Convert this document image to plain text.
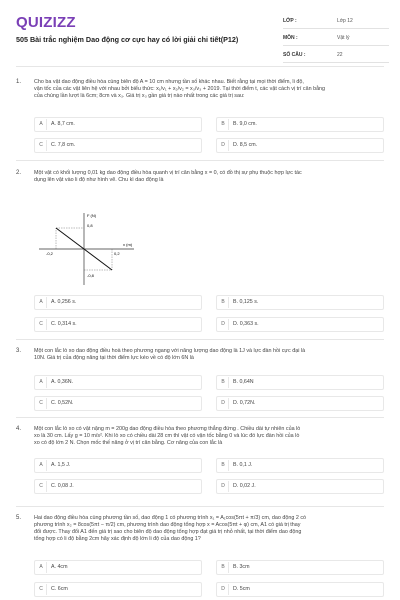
QUIZIZZ
505 Bài trắc nghiệm Dao động cơ cực hay có lời giải chi tiết(P12)
LỚP :	Lớp 12
MÔN :	Vật lý
SỐ CÂU :	22
1. Cho ba vật dao động điều hòa cùng biên độ A = 10 cm nhưng tần số khác nhau. Biết rằng tại mọi thời điểm, li độ,

vận tốc của các vật liên hệ với nhau bởi biểu thức: x₁/v₁ + x₂/v₂ = x₃/v₃ + 2019. Tại thời điểm t, các vật cách vị trí cân bằng

của chúng lần lượt là 6cm; 8cm và x₃. Giá trị x₃ gần giá trị nào nhất trong các giá trị sau:

A	A. 8,7 cm.	B	B. 9,0 cm.
C	C. 7,8 cm.	D	D. 8,5 cm.
2. Một vật có khối lượng 0,01 kg dao động điều hòa quanh vị trí cân bằng x = 0, có đồ thị sự phụ thuộc hợp lực tác

dụng lên vật vào li độ như hình vẽ. Chu kì dao động là

F (N)
x (m)
-0,2	0,2
0,8
-0,8
A	A. 0,256 s.	B	B. 0,125 s.
C	C. 0,314 s.	D	D. 0,363 s.
3. Một con lắc lò xo dao động điều hoà theo phương ngang với năng lượng dao động là 1J và lực đàn hồi cực đại là

10N. Giá trị của động năng tại thời điểm lực kéo về có độ lớn 6N là

A	A. 0,36N.	B	B. 0,64N
C	C. 0,52N.	D	D. 0,72N.
4. Một con lắc lò xo có vật nặng m = 200g dao động điều hòa theo phương thẳng đứng . Chiều dài tự nhiên của lò

xo là 30 cm. Lấy g = 10 m/s². Khi lò xo có chiều dài 28 cm thì vật có vận tốc bằng 0 và lúc đó lực đàn hồi của lò

xo có độ lớn 2 N. Chọn mốc thế năng ở vị trí cân bằng. Cơ năng của con lắc là

A	A. 1,5 J.	B	B. 0,1 J.
C	C. 0,08 J.	D	D. 0,02 J.
5. Hai dao động điều hòa cùng phương tần số, dao động 1 có phương trình x₁ = A₁cos(5πt + π/3) cm, dao động 2 có

phương trình x₂ = 8cos(5πt − π/2) cm, phương trình dao động tổng hợp x = Acos(5πt + φ) cm, A1 có giá trị thay

đổi được. Thay đổi A1 đến giá trị sao cho biên độ dao động tổng hợp đạt giá trị nhỏ nhất, tại thời điểm dao động

tổng hợp có li độ bằng 2cm hãy xác định độ lớn li độ của dao động 1?

A	A. 4cm	B	B. 3cm
C	C. 6cm	D	D. 5cm
